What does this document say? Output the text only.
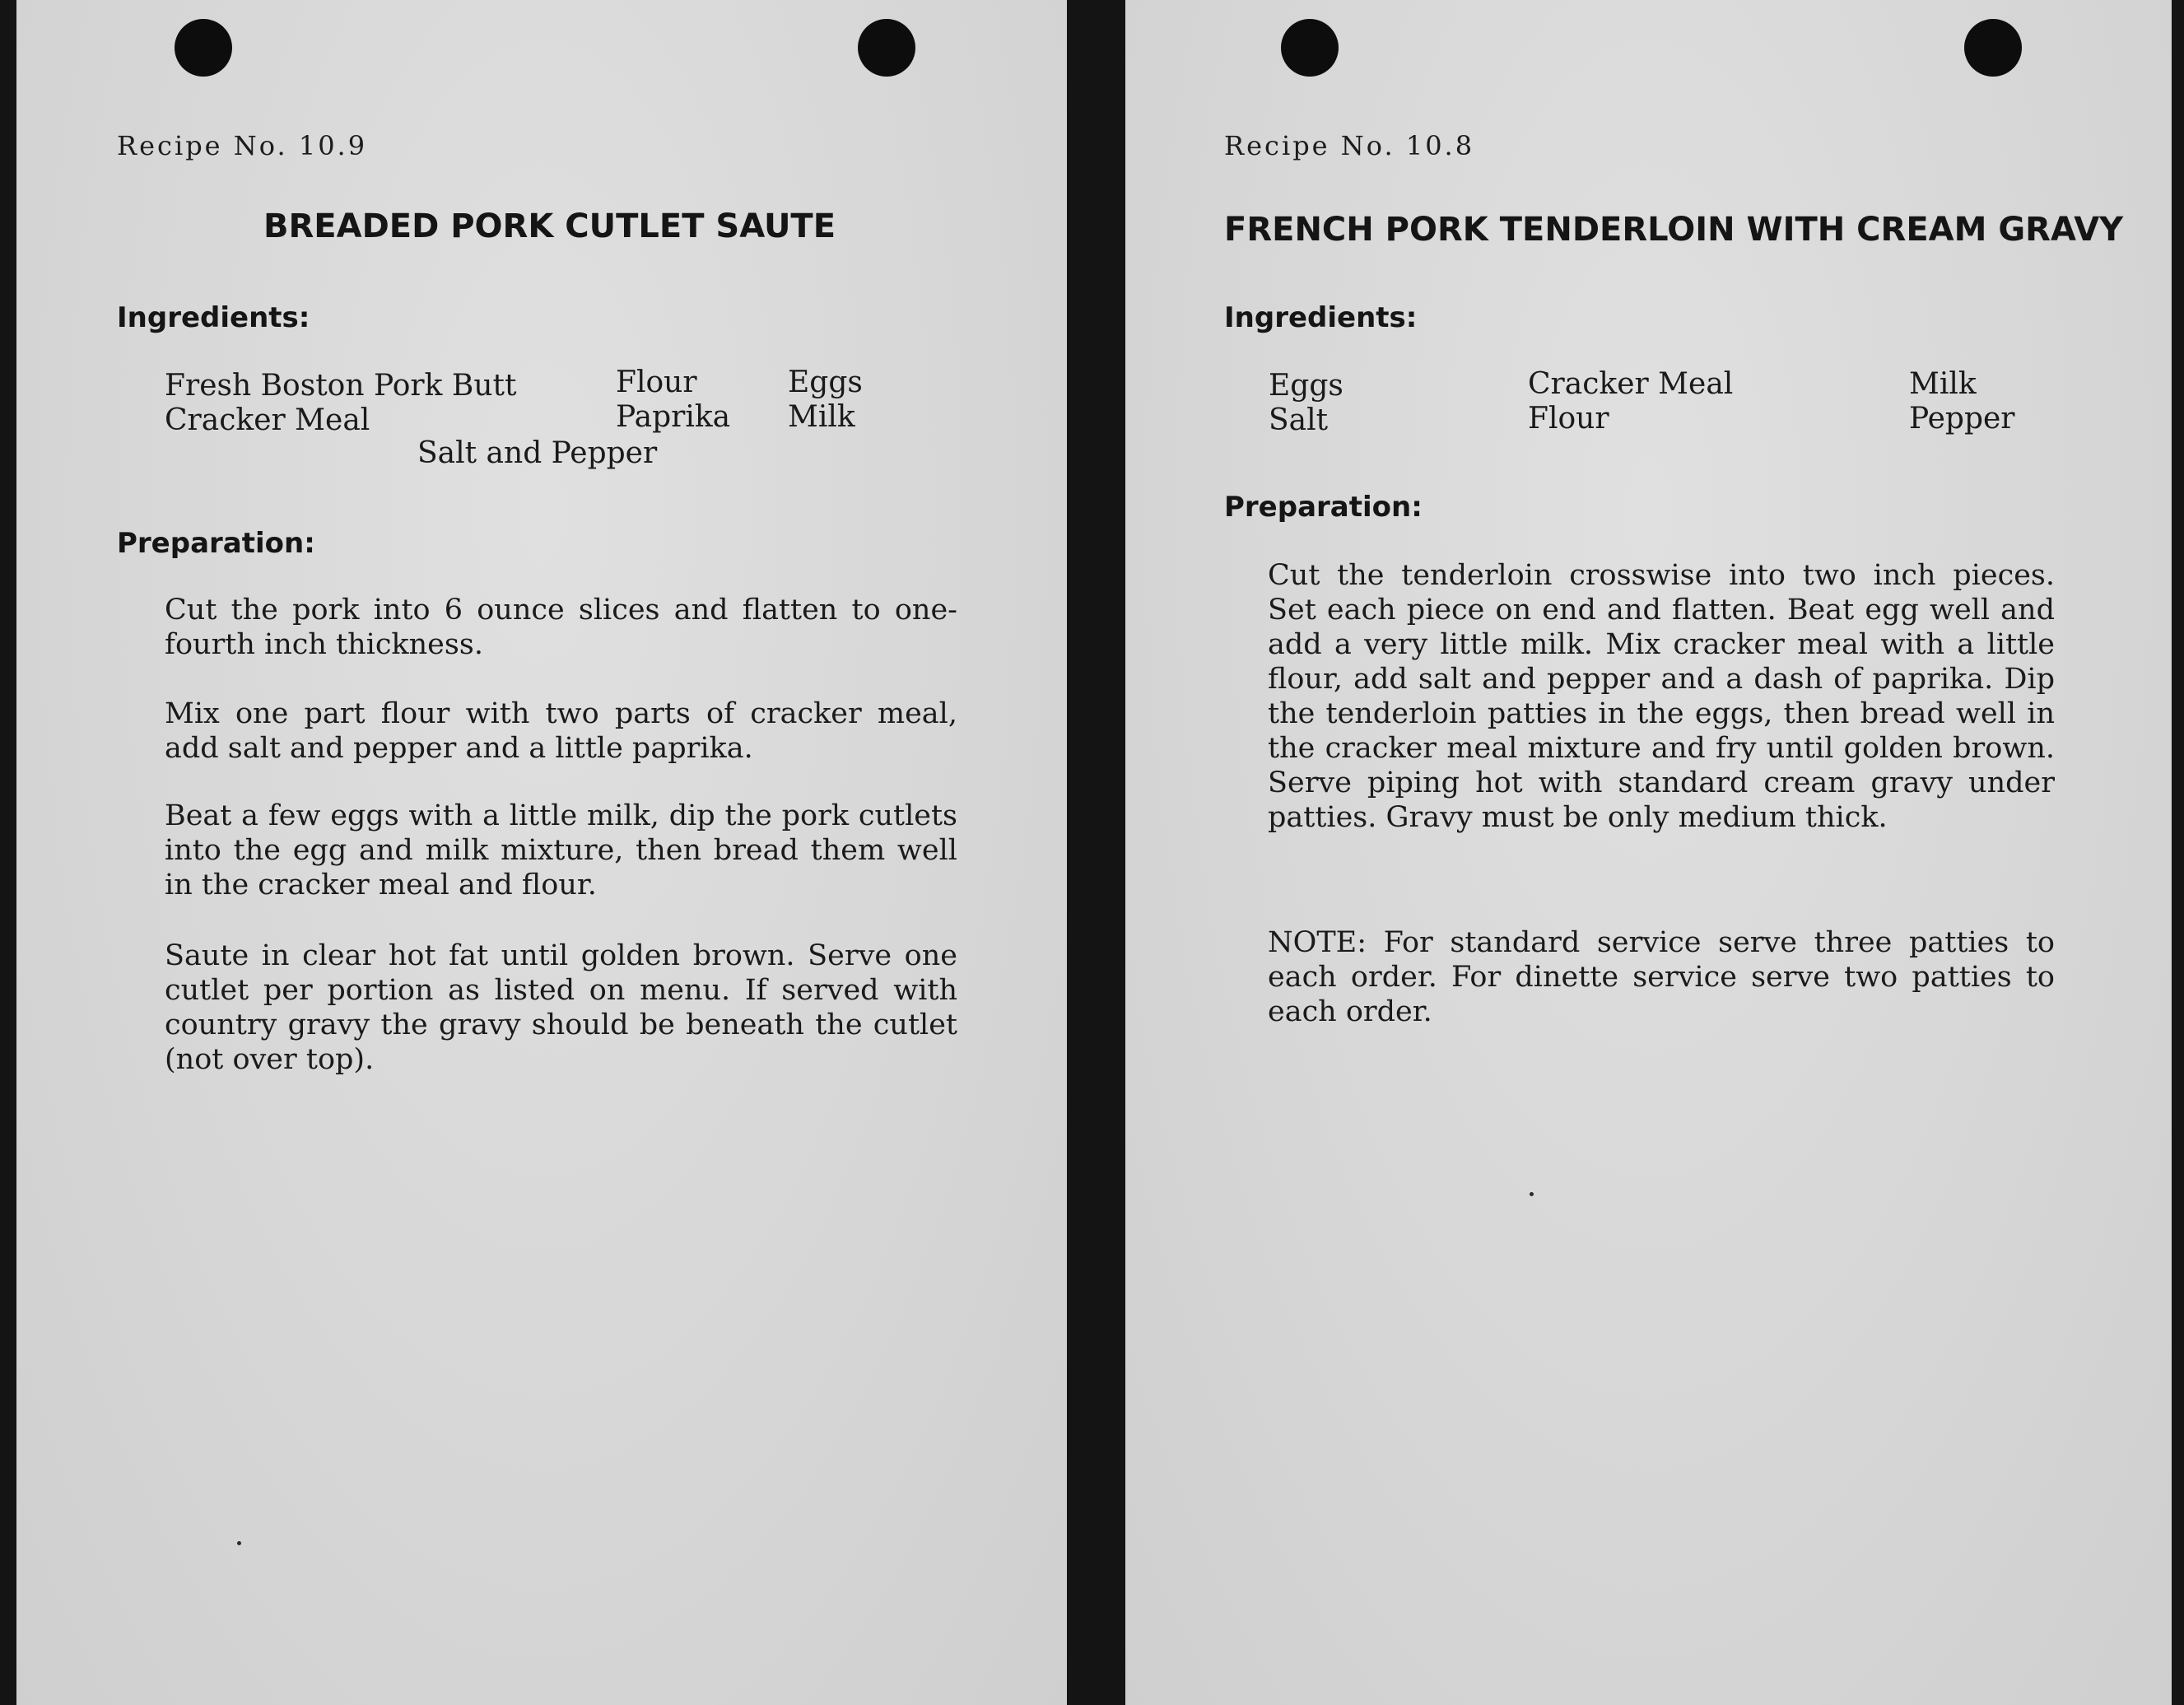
Recipe No. 10.9
BREADED PORK CUTLET SAUTE
Ingredients:
Fresh Boston Pork Butt
Cracker Meal
Flour
Paprika
Eggs
Milk
Salt and Pepper
Preparation:

Cut the pork into 6 ounce slices and flatten to one-fourth inch thickness.

Mix one part flour with two parts of cracker meal, add salt and pepper and a little paprika.

Beat a few eggs with a little milk, dip the pork cutlets into the egg and milk mixture, then bread them well in the cracker meal and flour.

Saute in clear hot fat until golden brown. Serve one cutlet per portion as listed on menu. If served with country gravy the gravy should be beneath the cutlet (not over top).

Recipe No. 10.8
FRENCH PORK TENDERLOIN WITH CREAM GRAVY
Ingredients:
Eggs
Salt
Cracker Meal
Flour
Milk
Pepper
Preparation:

Cut the tenderloin crosswise into two inch pieces. Set each piece on end and flatten. Beat egg well and add a very little milk. Mix cracker meal with a little flour, add salt and pepper and a dash of paprika. Dip the tenderloin patties in the eggs, then bread well in the cracker meal mixture and fry until golden brown. Serve piping hot with standard cream gravy under patties. Gravy must be only medium thick.

NOTE: For standard service serve three patties to each order. For dinette service serve two patties to each order.
